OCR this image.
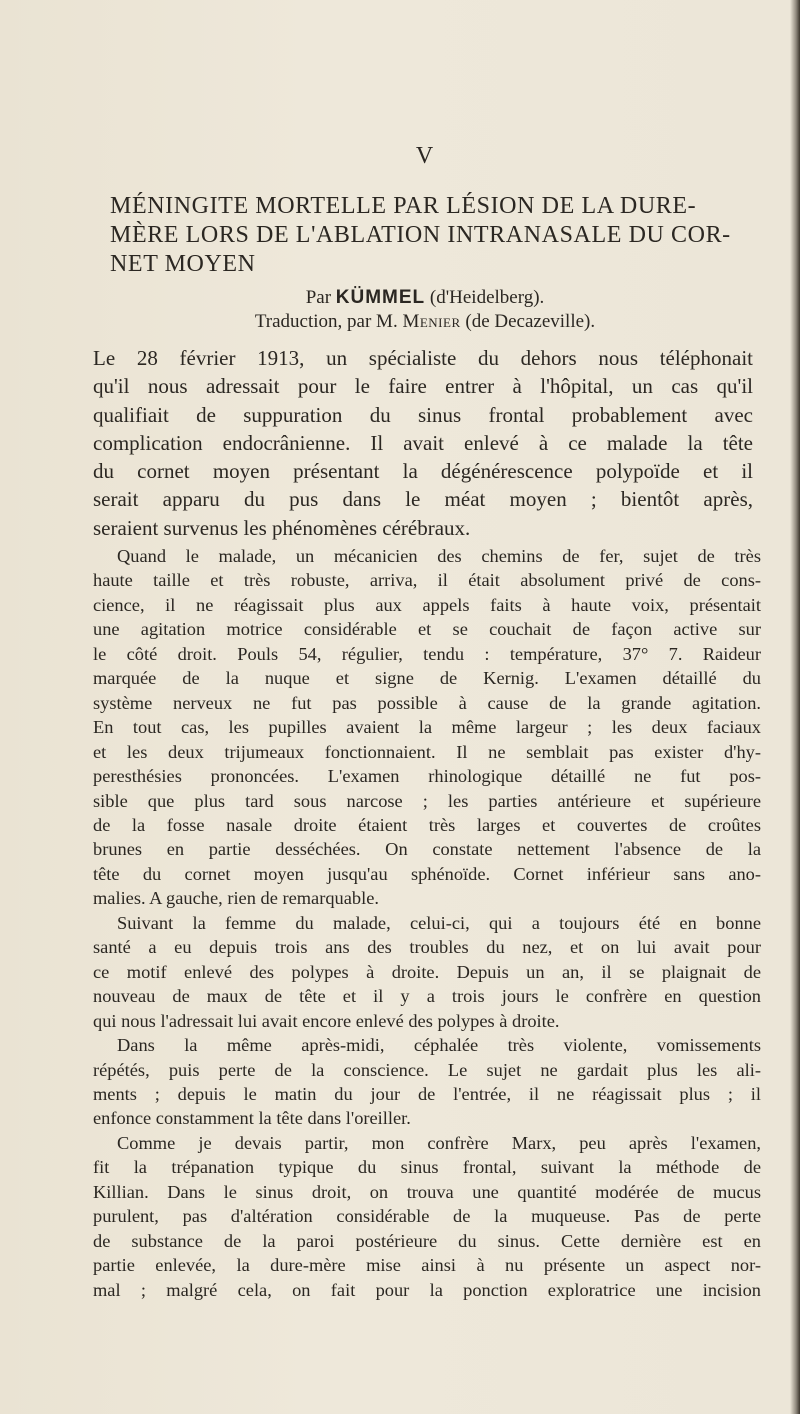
V
MÉNINGITE MORTELLE PAR LÉSION DE LA DURE-
MÈRE LORS DE L'ABLATION INTRANASALE DU COR-
NET MOYEN
Par KÜMMEL (d'Heidelberg).
Traduction, par M. Menier (de Decazeville).
Le 28 février 1913, un spécialiste du dehors nous téléphonait
qu'il nous adressait pour le faire entrer à l'hôpital, un cas qu'il
qualifiait de suppuration du sinus frontal probablement avec
complication endocrânienne. Il avait enlevé à ce malade la tête
du cornet moyen présentant la dégénérescence polypoïde et il
serait apparu du pus dans le méat moyen ; bientôt après,
seraient survenus les phénomènes cérébraux.
Quand le malade, un mécanicien des chemins de fer, sujet de très
haute taille et très robuste, arriva, il était absolument privé de cons-
cience, il ne réagissait plus aux appels faits à haute voix, présentait
une agitation motrice considérable et se couchait de façon active sur
le côté droit. Pouls 54, régulier, tendu : température, 37° 7. Raideur
marquée de la nuque et signe de Kernig. L'examen détaillé du
système nerveux ne fut pas possible à cause de la grande agitation.
En tout cas, les pupilles avaient la même largeur ; les deux faciaux
et les deux trijumeaux fonctionnaient. Il ne semblait pas exister d'hy-
peresthésies prononcées. L'examen rhinologique détaillé ne fut pos-
sible que plus tard sous narcose ; les parties antérieure et supérieure
de la fosse nasale droite étaient très larges et couvertes de croûtes
brunes en partie desséchées. On constate nettement l'absence de la
tête du cornet moyen jusqu'au sphénoïde. Cornet inférieur sans ano-
malies. A gauche, rien de remarquable.
Suivant la femme du malade, celui-ci, qui a toujours été en bonne
santé a eu depuis trois ans des troubles du nez, et on lui avait pour
ce motif enlevé des polypes à droite. Depuis un an, il se plaignait de
nouveau de maux de tête et il y a trois jours le confrère en question
qui nous l'adressait lui avait encore enlevé des polypes à droite.
Dans la même après-midi, céphalée très violente, vomissements
répétés, puis perte de la conscience. Le sujet ne gardait plus les ali-
ments ; depuis le matin du jour de l'entrée, il ne réagissait plus ; il
enfonce constamment la tête dans l'oreiller.
Comme je devais partir, mon confrère Marx, peu après l'examen,
fit la trépanation typique du sinus frontal, suivant la méthode de
Killian. Dans le sinus droit, on trouva une quantité modérée de mucus
purulent, pas d'altération considérable de la muqueuse. Pas de perte
de substance de la paroi postérieure du sinus. Cette dernière est en
partie enlevée, la dure-mère mise ainsi à nu présente un aspect nor-
mal ; malgré cela, on fait pour la ponction exploratrice une incision
